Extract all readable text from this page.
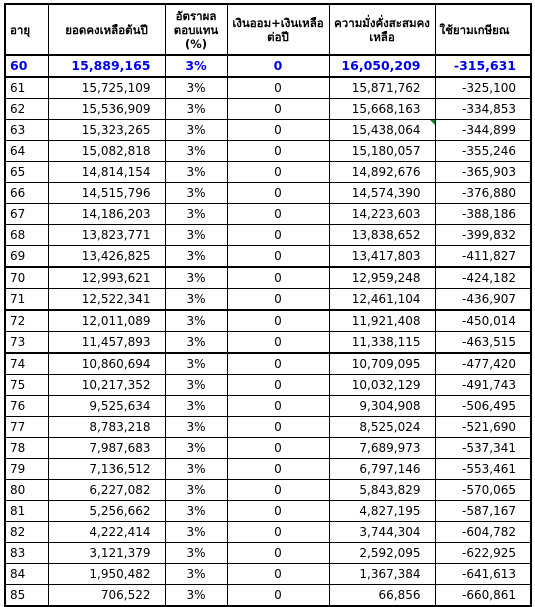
อายุ	ยอดคงเหลือต้นปี	อัตราผลตอบแทน (%)	เงินออม+เงินเหลือต่อปี	ความมั่งคั่งสะสมคงเหลือ	ใช้ยามเกษียณ
60	15,889,165	3%	0	16,050,209	-315,631
61	15,725,109	3%	0	15,871,762	-325,100
62	15,536,909	3%	0	15,668,163	-334,853
63	15,323,265	3%	0	15,438,064	-344,899
64	15,082,818	3%	0	15,180,057	-355,246
65	14,814,154	3%	0	14,892,676	-365,903
66	14,515,796	3%	0	14,574,390	-376,880
67	14,186,203	3%	0	14,223,603	-388,186
68	13,823,771	3%	0	13,838,652	-399,832
69	13,426,825	3%	0	13,417,803	-411,827
70	12,993,621	3%	0	12,959,248	-424,182
71	12,522,341	3%	0	12,461,104	-436,907
72	12,011,089	3%	0	11,921,408	-450,014
73	11,457,893	3%	0	11,338,115	-463,515
74	10,860,694	3%	0	10,709,095	-477,420
75	10,217,352	3%	0	10,032,129	-491,743
76	9,525,634	3%	0	9,304,908	-506,495
77	8,783,218	3%	0	8,525,024	-521,690
78	7,987,683	3%	0	7,689,973	-537,341
79	7,136,512	3%	0	6,797,146	-553,461
80	6,227,082	3%	0	5,843,829	-570,065
81	5,256,662	3%	0	4,827,195	-587,167
82	4,222,414	3%	0	3,744,304	-604,782
83	3,121,379	3%	0	2,592,095	-622,925
84	1,950,482	3%	0	1,367,384	-641,613
85	706,522	3%	0	66,856	-660,861
